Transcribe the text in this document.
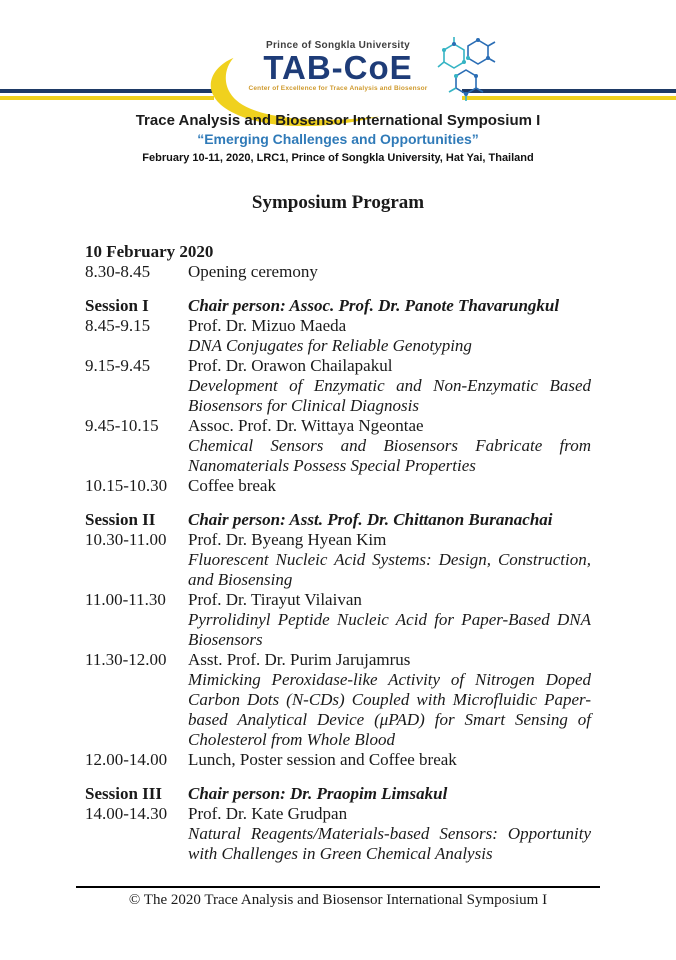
Prince of Songkla University
TAB-CoE
Center of Excellence for Trace Analysis and Biosensor
Trace Analysis and Biosensor International Symposium I
“Emerging Challenges and Opportunities”
February 10-11, 2020, LRC1, Prince of Songkla University, Hat Yai, Thailand
Symposium Program
10 February 2020
8.30-8.45	Opening ceremony
Session I	Chair person: Assoc. Prof. Dr. Panote Thavarungkul
8.45-9.15	Prof. Dr. Mizuo Maeda
DNA Conjugates for Reliable Genotyping
9.15-9.45	Prof. Dr. Orawon Chailapakul
Development of Enzymatic and Non-Enzymatic Based Biosensors for Clinical Diagnosis
9.45-10.15	Assoc. Prof. Dr. Wittaya Ngeontae
Chemical Sensors and Biosensors Fabricate from Nanomaterials Possess Special Properties
10.15-10.30	Coffee break
Session II	Chair person: Asst. Prof. Dr. Chittanon Buranachai
10.30-11.00	Prof. Dr. Byeang Hyean Kim
Fluorescent Nucleic Acid Systems: Design, Construction, and Biosensing
11.00-11.30	Prof. Dr. Tirayut Vilaivan
Pyrrolidinyl Peptide Nucleic Acid for Paper-Based DNA Biosensors
11.30-12.00	Asst. Prof. Dr. Purim Jarujamrus
Mimicking Peroxidase-like Activity of Nitrogen Doped Carbon Dots (N-CDs) Coupled with Microfluidic Paper-based Analytical Device (μPAD) for Smart Sensing of Cholesterol from Whole Blood
12.00-14.00	Lunch, Poster session and Coffee break
Session III	Chair person: Dr. Praopim Limsakul
14.00-14.30	Prof. Dr. Kate Grudpan
Natural Reagents/Materials-based Sensors: Opportunity with Challenges in Green Chemical Analysis
© The 2020 Trace Analysis and Biosensor International Symposium I
